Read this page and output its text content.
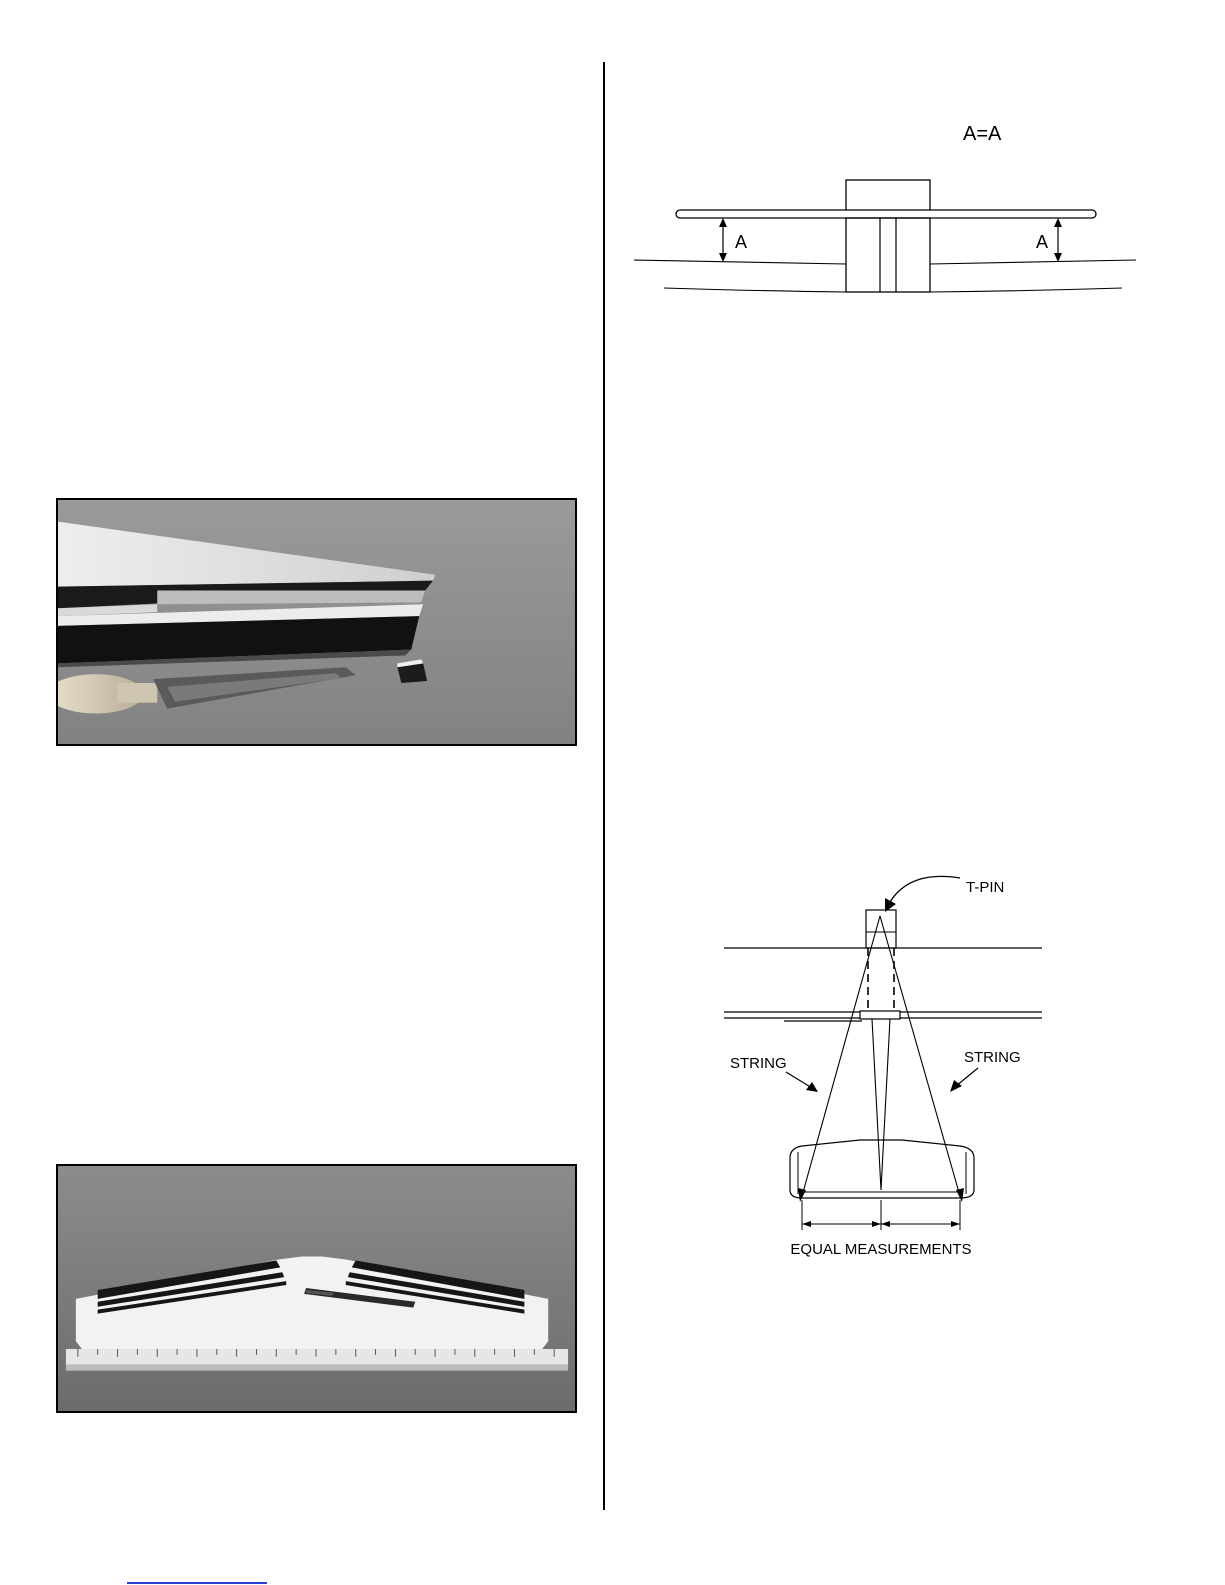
A=A
A	A
T-PIN
STRING	STRING
EQUAL MEASUREMENTS
